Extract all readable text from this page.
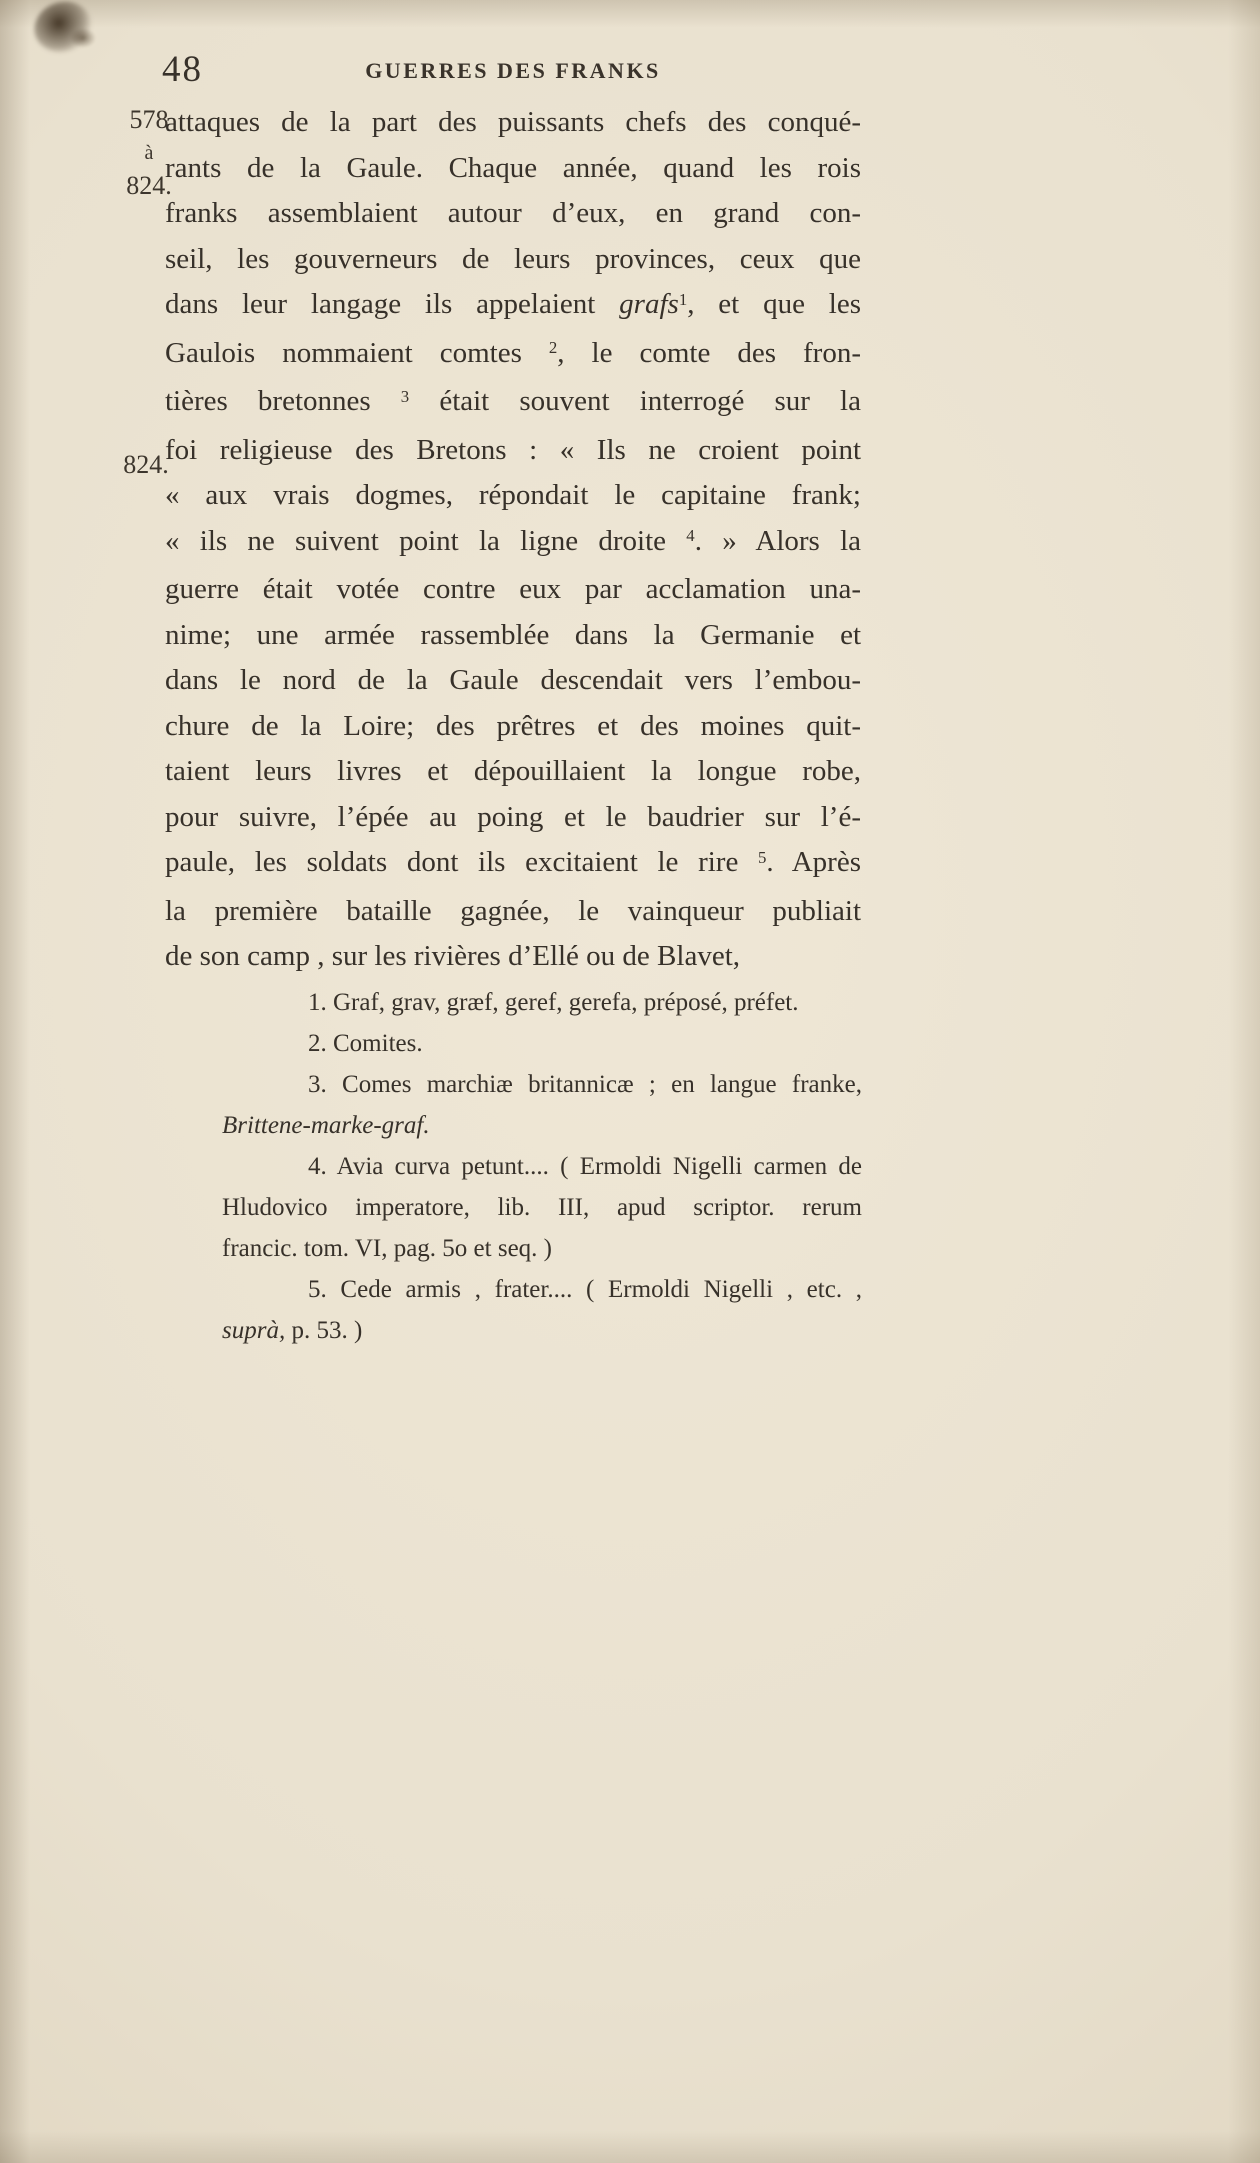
48	GUERRES DES FRANKS
578
à
824.
824.
attaques de la part des puissants chefs des conqué-
rants de la Gaule. Chaque année, quand les rois
franks assemblaient autour d’eux, en grand con-
seil, les gouverneurs de leurs provinces, ceux que
dans leur langage ils appelaient grafs$^1$, et que les
Gaulois nommaient comtes $^2$, le comte des fron-
tières bretonnes $^3$ était souvent interrogé sur la
foi religieuse des Bretons : « Ils ne croient point
« aux vrais dogmes, répondait le capitaine frank;
« ils ne suivent point la ligne droite $^4$. » Alors la
guerre était votée contre eux par acclamation una-
nime; une armée rassemblée dans la Germanie et
dans le nord de la Gaule descendait vers l’embou-
chure de la Loire; des prêtres et des moines quit-
taient leurs livres et dépouillaient la longue robe,
pour suivre, l’épée au poing et le baudrier sur l’é-
paule, les soldats dont ils excitaient le rire $^5$. Après
la première bataille gagnée, le vainqueur publiait
de son camp , sur les rivières d’Ellé ou de Blavet,
1. Graf, grav, græf, geref, gerefa, préposé, préfet.
2. Comites.
3. Comes marchiæ britannicæ ; en langue franke,
Brittene-marke-graf.
4. Avia curva petunt.... ( Ermoldi Nigelli carmen de
Hludovico imperatore, lib. III, apud scriptor. rerum
francic. tom. VI, pag. 5o et seq. )
5. Cede armis , frater.... ( Ermoldi Nigelli , etc. ,
suprà, p. 53. )
